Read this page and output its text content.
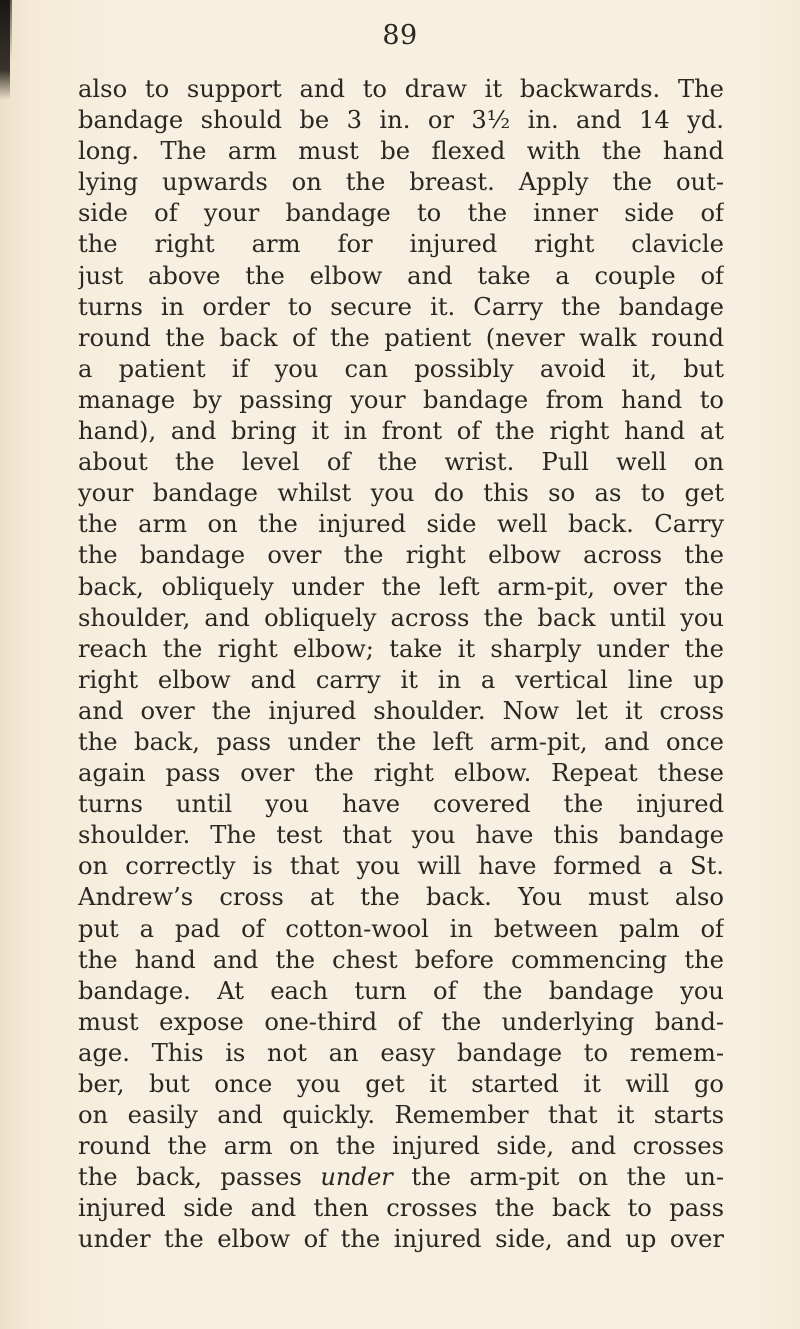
89
also to support and to draw it backwards. The
bandage should be 3 in. or 3½ in. and 14 yd.
long. The arm must be flexed with the hand
lying upwards on the breast. Apply the out-
side of your bandage to the inner side of
the right arm for injured right clavicle
just above the elbow and take a couple of
turns in order to secure it. Carry the bandage
round the back of the patient (never walk round
a patient if you can possibly avoid it, but
manage by passing your bandage from hand to
hand), and bring it in front of the right hand at
about the level of the wrist. Pull well on
your bandage whilst you do this so as to get
the arm on the injured side well back. Carry
the bandage over the right elbow across the
back, obliquely under the left arm-pit, over the
shoulder, and obliquely across the back until you
reach the right elbow; take it sharply under the
right elbow and carry it in a vertical line up
and over the injured shoulder. Now let it cross
the back, pass under the left arm-pit, and once
again pass over the right elbow. Repeat these
turns until you have covered the injured
shoulder. The test that you have this bandage
on correctly is that you will have formed a St.
Andrew’s cross at the back. You must also
put a pad of cotton-wool in between palm of
the hand and the chest before commencing the
bandage. At each turn of the bandage you
must expose one-third of the underlying band-
age. This is not an easy bandage to remem-
ber, but once you get it started it will go
on easily and quickly. Remember that it starts
round the arm on the injured side, and crosses
the back, passes under the arm-pit on the un-
injured side and then crosses the back to pass
under the elbow of the injured side, and up over
